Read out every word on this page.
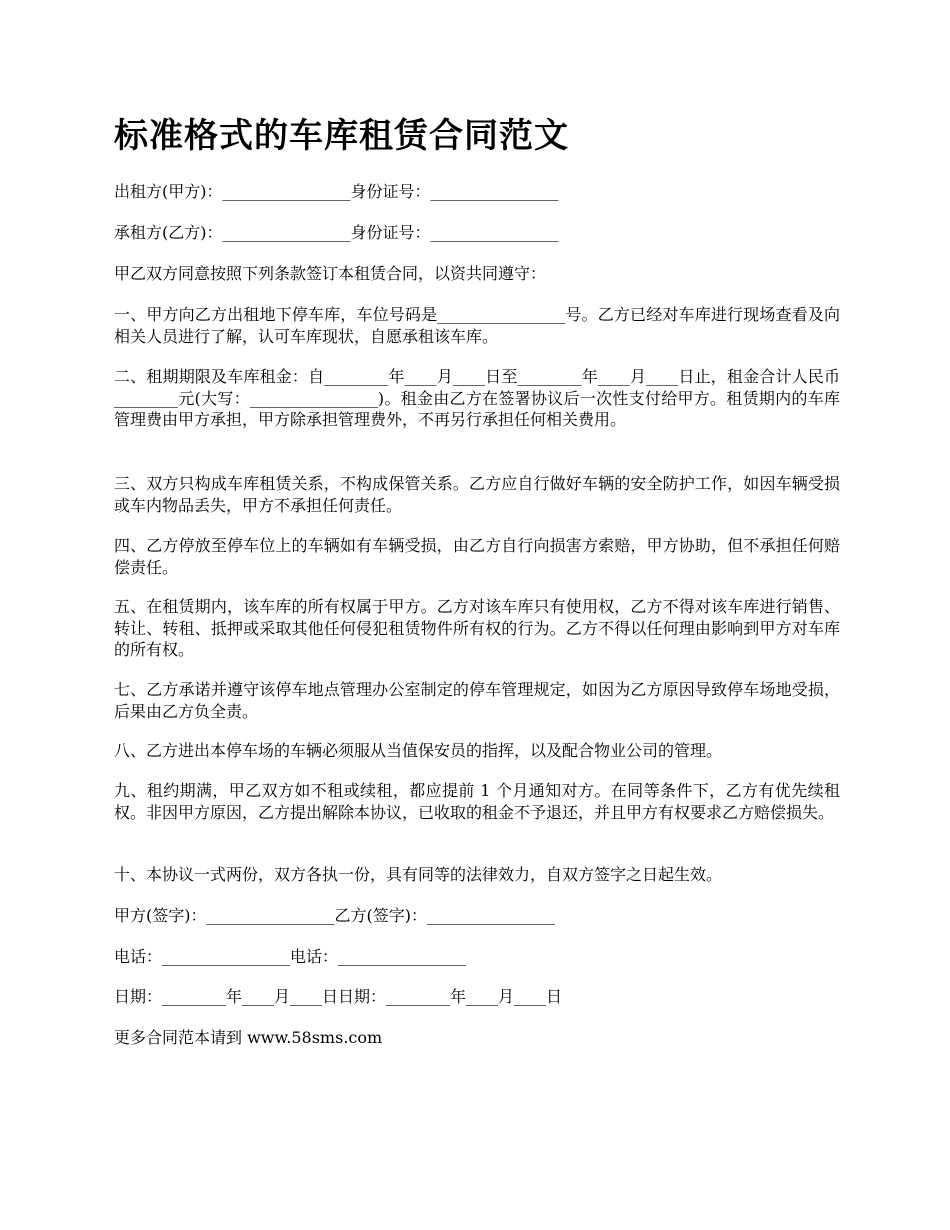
标准格式的车库租赁合同范文

出租方(甲方)：________________身份证号：________________

承租方(乙方)：________________身份证号：________________

甲乙双方同意按照下列条款签订本租赁合同，以资共同遵守：

一、甲方向乙方出租地下停车库，车位号码是________________号。乙方已经对车库进行现场查看及向相关人员进行了解，认可车库现状，自愿承租该车库。

二、租期期限及车库租金：自________年____月____日至________年____月____日止，租金合计人民币________元(大写：________________)。租金由乙方在签署协议后一次性支付给甲方。租赁期内的车库管理费由甲方承担，甲方除承担管理费外，不再另行承担任何相关费用。

三、双方只构成车库租赁关系，不构成保管关系。乙方应自行做好车辆的安全防护工作，如因车辆受损或车内物品丢失，甲方不承担任何责任。

四、乙方停放至停车位上的车辆如有车辆受损，由乙方自行向损害方索赔，甲方协助，但不承担任何赔偿责任。

五、在租赁期内，该车库的所有权属于甲方。乙方对该车库只有使用权，乙方不得对该车库进行销售、转让、转租、抵押或采取其他任何侵犯租赁物件所有权的行为。乙方不得以任何理由影响到甲方对车库的所有权。

七、乙方承诺并遵守该停车地点管理办公室制定的停车管理规定，如因为乙方原因导致停车场地受损，后果由乙方负全责。

八、乙方进出本停车场的车辆必须服从当值保安员的指挥，以及配合物业公司的管理。

九、租约期满，甲乙双方如不租或续租，都应提前 1 个月通知对方。在同等条件下，乙方有优先续租权。非因甲方原因，乙方提出解除本协议，已收取的租金不予退还，并且甲方有权要求乙方赔偿损失。

十、本协议一式两份，双方各执一份，具有同等的法律效力，自双方签字之日起生效。

甲方(签字)：________________乙方(签字)：________________

电话：________________电话：________________

日期：________年____月____日日期：________年____月____日

更多合同范本请到 www.58sms.com
